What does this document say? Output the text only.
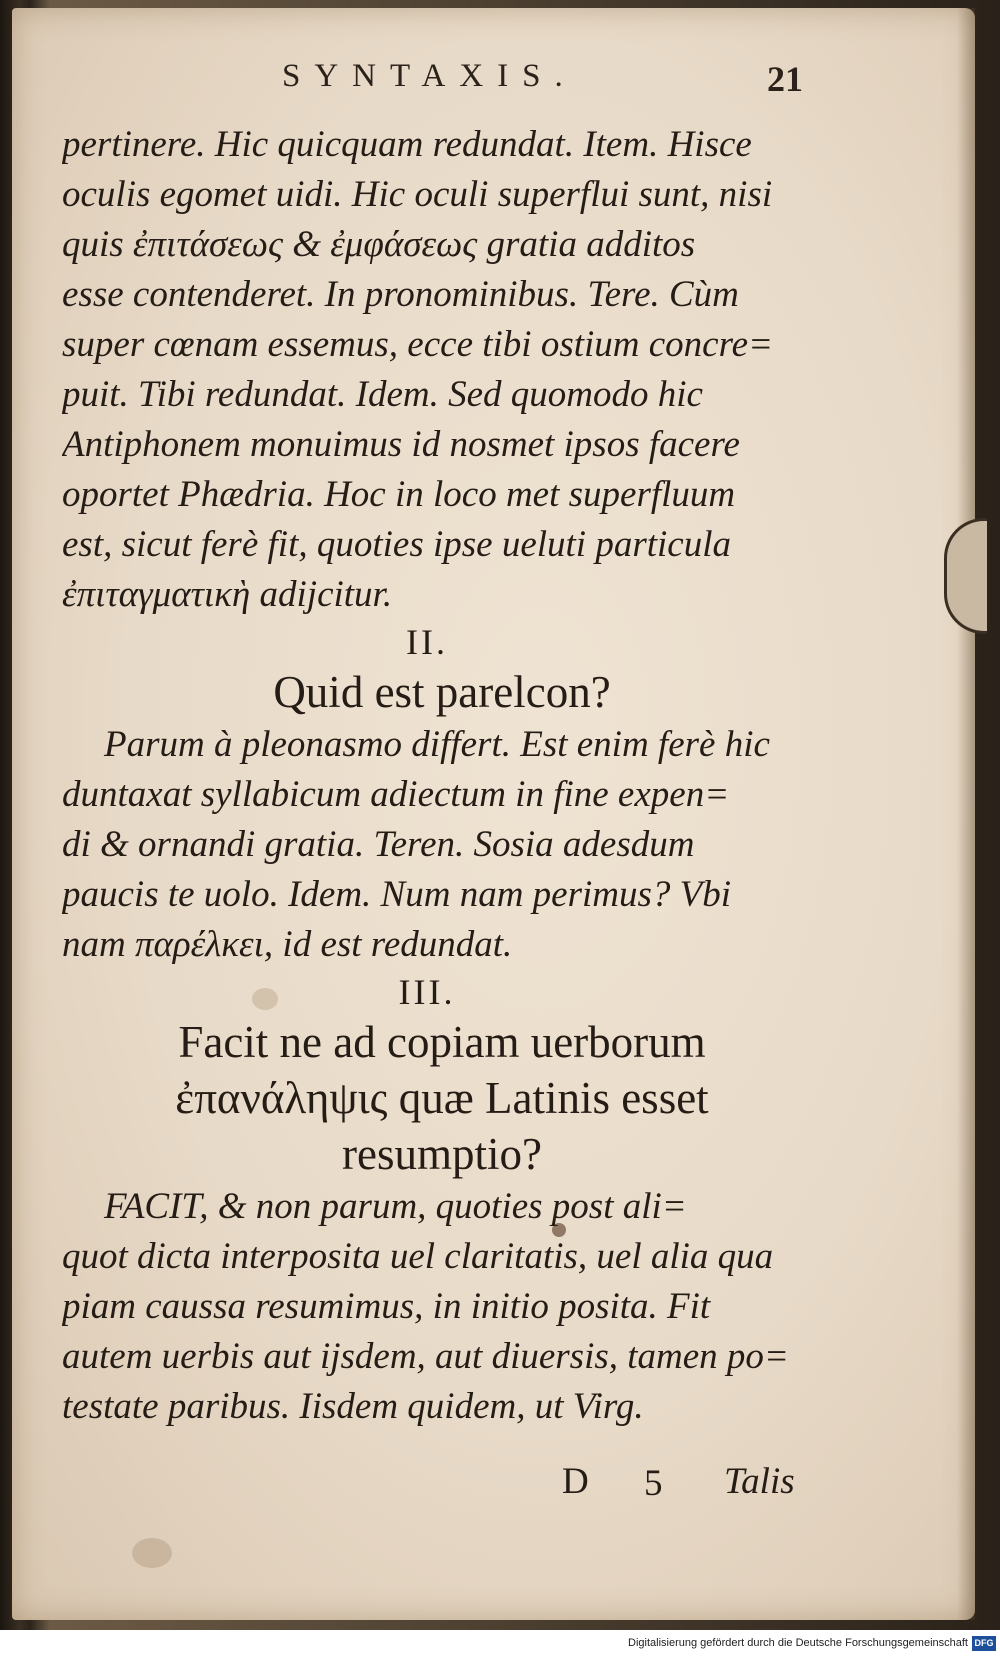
SYNTAXIS.	21
pertinere. Hic quicquam redundat. Item. Hisce
oculis egomet uidi. Hic oculi superflui sunt, nisi
quis ἐπιτάσεως & ἐμφάσεως gratia additos
esse contenderet. In pronominibus. Tere. Cùm
super cœnam essemus, ecce tibi ostium concre=
puit. Tibi redundat. Idem. Sed quomodo hic
Antiphonem monuimus id nosmet ipsos facere
oportet Phædria. Hoc in loco met superfluum
est, sicut ferè fit, quoties ipse ueluti particula
ἐπιταγματικὴ adijcitur.
II.
Quid est parelcon?
Parum à pleonasmo differt. Est enim ferè hic
duntaxat syllabicum adiectum in fine expen=
di & ornandi gratia. Teren. Sosia adesdum
paucis te uolo. Idem. Num nam perimus? Vbi
nam παρέλκει, id est redundat.
III.
Facit ne ad copiam uerborum
ἐπανάληψις quæ Latinis esset
resumptio?
FACIT, & non parum, quoties post ali=
quot dicta interposita uel claritatis, uel alia qua
piam caussa resumimus, in initio posita. Fit
autem uerbis aut ijsdem, aut diuersis, tamen po=
testate paribus. Iisdem quidem, ut Virg.
D 5 Talis
Digitalisierung gefördert durch die Deutsche Forschungsgemeinschaft DFG
